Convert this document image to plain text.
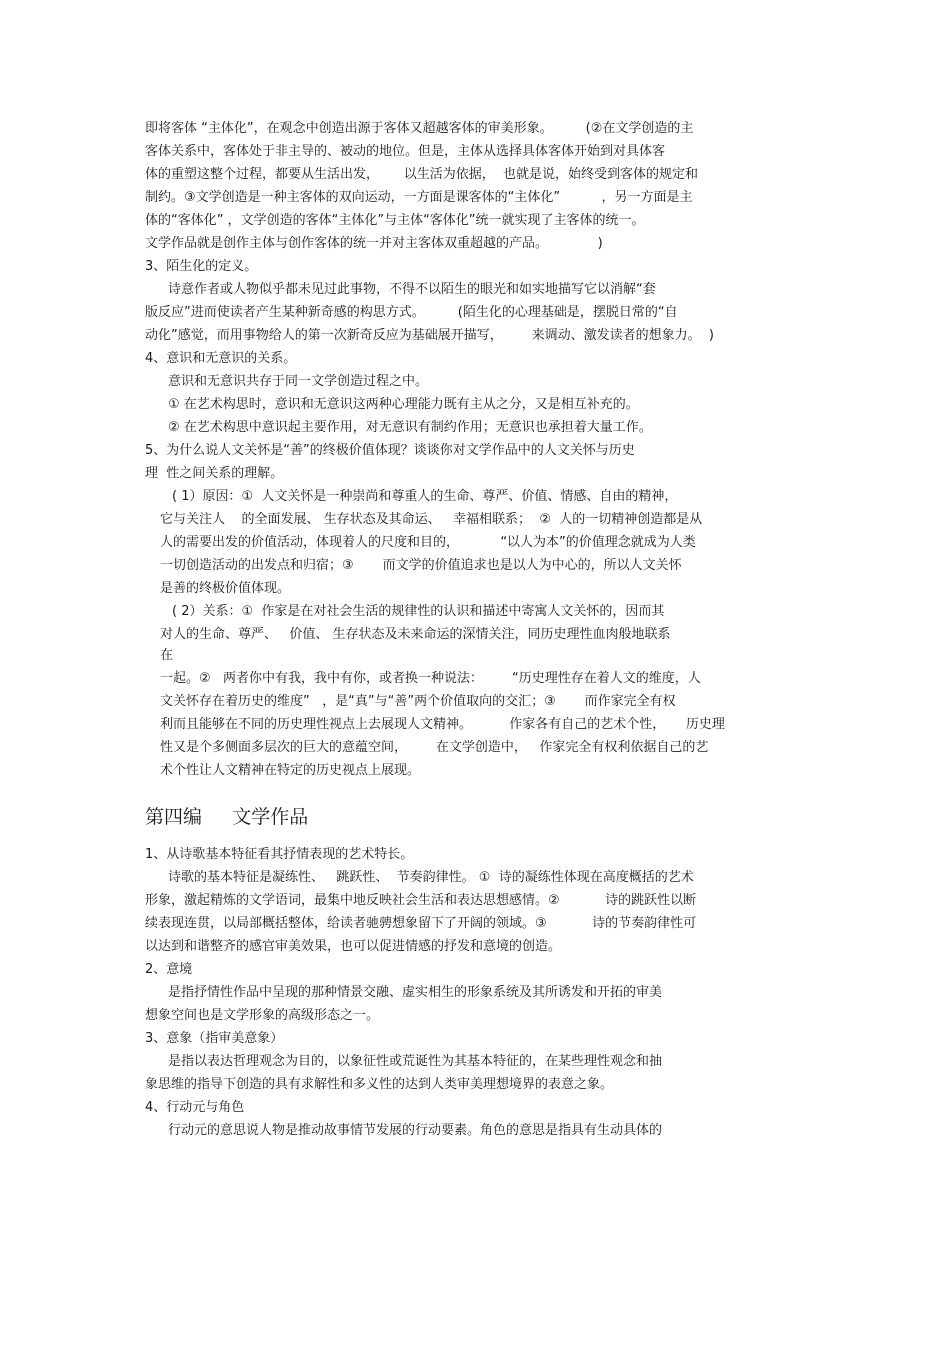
即将客体 “主体化”，在观念中创造出源于客体又超越客体的审美形象。        (②在文学创造的主
客体关系中，客体处于非主导的、被动的地位。但是，主体从选择具体客体开始到对具体客
体的重塑这整个过程，都要从生活出发，      以生活为依据，  也就是说，始终受到客体的规定和
制约。③文学创造是一种主客体的双向运动，一方面是课客体的“主体化”          ，另一方面是主
体的“客体化” ，文学创造的客体“主体化”与主体“客体化”统一就实现了主客体的统一。
文学作品就是创作主体与创作客体的统一并对主客体双重超越的产品。            )
3、陌生化的定义。
诗意作者或人物似乎都未见过此事物，不得不以陌生的眼光和如实地描写它以消解“套
版反应”进而使读者产生某种新奇感的构思方式。        (陌生化的心理基础是，摆脱日常的“自
动化”感觉，而用事物给人的第一次新奇反应为基础展开描写，       来调动、激发读者的想象力。  )
4、意识和无意识的关系。
意识和无意识共存于同一文学创造过程之中。
① 在艺术构思时，意识和无意识这两种心理能力既有主从之分，又是相互补充的。
② 在艺术构思中意识起主要作用，对无意识有制约作用；无意识也承担着大量工作。
5、为什么说人文关怀是“善”的终极价值体现？谈谈你对文学作品中的人文关怀与历史
理  性之间关系的理解。
( 1）原因：①  人文关怀是一种崇尚和尊重人的生命、尊严、价值、情感、自由的精神，
它与关注人    的全面发展、 生存状态及其命运、   幸福相联系；  ②  人的一切精神创造都是从
人的需要出发的价值活动，体现着人的尺度和目的，          “以人为本”的价值理念就成为人类
一切创造活动的出发点和归宿；③       而文学的价值追求也是以人为中心的，所以人文关怀
是善的终极价值体现。
( 2）关系：①  作家是在对社会生活的规律性的认识和描述中寄寓人文关怀的，因而其
对人的生命、尊严、   价值、 生存状态及未来命运的深情关注，同历史理性血肉般地联系
在
一起。②   两者你中有我，我中有你，或者换一种说法：       “历史理性存在着人文的维度，人
文关怀存在着历史的维度”   ，是“真”与“善”两个价值取向的交汇；③       而作家完全有权
利而且能够在不同的历史理性视点上去展现人文精神。         作家各有自己的艺术个性，     历史理
性又是个多侧面多层次的巨大的意蕴空间，       在文学创造中，   作家完全有权利依据自己的艺
术个性让人文精神在特定的历史视点上展现。
第四编     文学作品
1、从诗歌基本特征看其抒情表现的艺术特长。
诗歌的基本特征是凝练性、   跳跃性、  节奏韵律性。 ①  诗的凝练性体现在高度概括的艺术
形象，激起精炼的文学语词，最集中地反映社会生活和表达思想感情。②           诗的跳跃性以断
续表现连贯，以局部概括整体，给读者驰骋想象留下了开阔的领域。③           诗的节奏韵律性可
以达到和谐整齐的感官审美效果，也可以促进情感的抒发和意境的创造。
2、意境
是指抒情性作品中呈现的那种情景交融、虚实相生的形象系统及其所诱发和开拓的审美
想象空间也是文学形象的高级形态之一。
3、意象（指审美意象）
是指以表达哲理观念为目的，以象征性或荒诞性为其基本特征的，在某些理性观念和抽
象思维的指导下创造的具有求解性和多义性的达到人类审美理想境界的表意之象。
4、行动元与角色
行动元的意思说人物是推动故事情节发展的行动要素。角色的意思是指具有生动具体的
